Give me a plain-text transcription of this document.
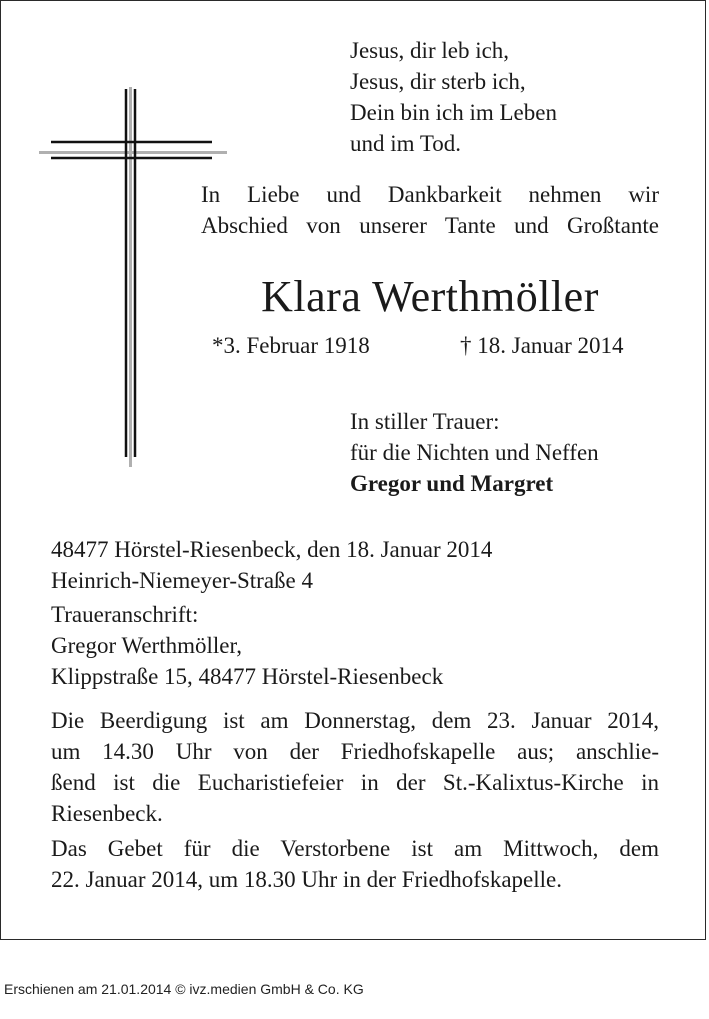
Jesus, dir leb ich,
Jesus, dir sterb ich,
Dein bin ich im Leben
und im Tod.
In Liebe und Dankbarkeit nehmen wir
Abschied von unserer Tante und Großtante
Klara Werthmöller
*3. Februar 1918	† 18. Januar 2014
In stiller Trauer:
für die Nichten und Neffen
Gregor und Margret
48477 Hörstel-Riesenbeck, den 18. Januar 2014
Heinrich-Niemeyer-Straße 4
Traueranschrift:
Gregor Werthmöller,
Klippstraße 15, 48477 Hörstel-Riesenbeck
Die Beerdigung ist am Donnerstag, dem 23. Januar 2014,
um 14.30 Uhr von der Friedhofskapelle aus; anschlie-
ßend ist die Eucharistiefeier in der St.-Kalixtus-Kirche in
Riesenbeck.
Das Gebet für die Verstorbene ist am Mittwoch, dem
22. Januar 2014, um 18.30 Uhr in der Friedhofskapelle.
Erschienen am 21.01.2014 © ivz.medien GmbH & Co. KG
